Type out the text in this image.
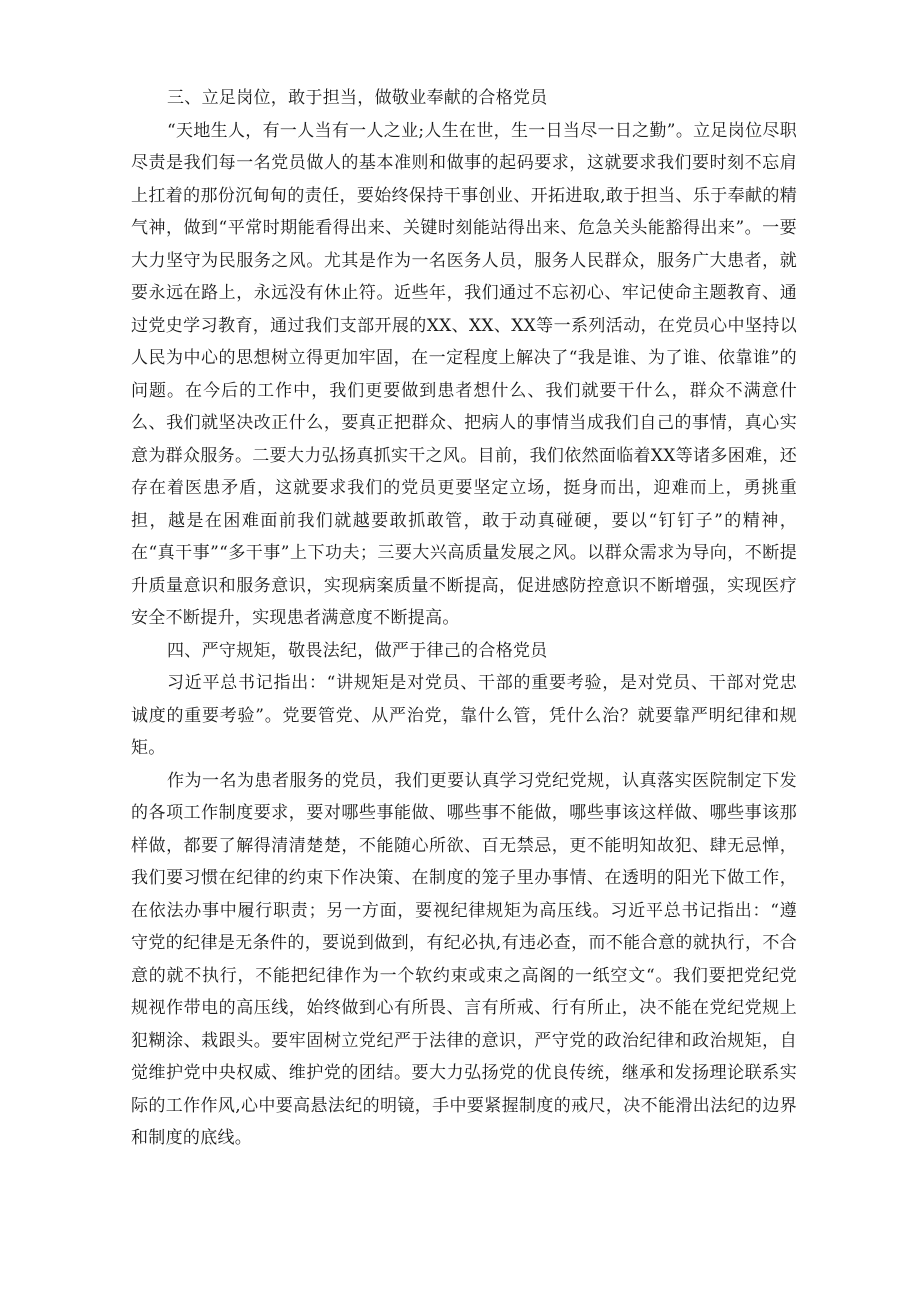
三、立足岗位，敢于担当，做敬业奉献的合格党员

“天地生人，有一人当有一人之业;人生在世，生一日当尽一日之勤”。立足岗位尽职尽责是我们每一名党员做人的基本准则和做事的起码要求，这就要求我们要时刻不忘肩上扛着的那份沉甸甸的责任，要始终保持干事创业、开拓进取,敢于担当、乐于奉献的精气神，做到“平常时期能看得出来、关键时刻能站得出来、危急关头能豁得出来”。一要大力坚守为民服务之风。尤其是作为一名医务人员，服务人民群众，服务广大患者，就要永远在路上，永远没有休止符。近些年，我们通过不忘初心、牢记使命主题教育、通过党史学习教育，通过我们支部开展的XX、XX、XX等一系列活动，在党员心中坚持以人民为中心的思想树立得更加牢固，在一定程度上解决了“我是谁、为了谁、依靠谁”的问题。在今后的工作中，我们更要做到患者想什么、我们就要干什么，群众不满意什么、我们就坚决改正什么，要真正把群众、把病人的事情当成我们自己的事情，真心实意为群众服务。二要大力弘扬真抓实干之风。目前，我们依然面临着XX等诸多困难，还存在着医患矛盾，这就要求我们的党员更要坚定立场，挺身而出，迎难而上，勇挑重担，越是在困难面前我们就越要敢抓敢管，敢于动真碰硬，要以“钉钉子”的精神，在“真干事”“多干事”上下功夫；三要大兴高质量发展之风。以群众需求为导向，不断提升质量意识和服务意识，实现病案质量不断提高，促进感防控意识不断增强，实现医疗安全不断提升，实现患者满意度不断提高。

四、严守规矩，敬畏法纪，做严于律己的合格党员

习近平总书记指出：“讲规矩是对党员、干部的重要考验，是对党员、干部对党忠诚度的重要考验”。党要管党、从严治党，靠什么管，凭什么治？就要靠严明纪律和规矩。

作为一名为患者服务的党员，我们更要认真学习党纪党规，认真落实医院制定下发的各项工作制度要求，要对哪些事能做、哪些事不能做，哪些事该这样做、哪些事该那样做，都要了解得清清楚楚，不能随心所欲、百无禁忌，更不能明知故犯、肆无忌惮，我们要习惯在纪律的约束下作决策、在制度的笼子里办事情、在透明的阳光下做工作，在依法办事中履行职责；另一方面，要视纪律规矩为高压线。习近平总书记指出：“遵守党的纪律是无条件的，要说到做到，有纪必执,有违必查，而不能合意的就执行，不合意的就不执行，不能把纪律作为一个软约束或束之高阁的一纸空文“。我们要把党纪党规视作带电的高压线，始终做到心有所畏、言有所戒、行有所止，决不能在党纪党规上犯糊涂、栽跟头。要牢固树立党纪严于法律的意识，严守党的政治纪律和政治规矩，自觉维护党中央权威、维护党的团结。要大力弘扬党的优良传统，继承和发扬理论联系实际的工作作风,心中要高悬法纪的明镜，手中要紧握制度的戒尺，决不能滑出法纪的边界和制度的底线。
